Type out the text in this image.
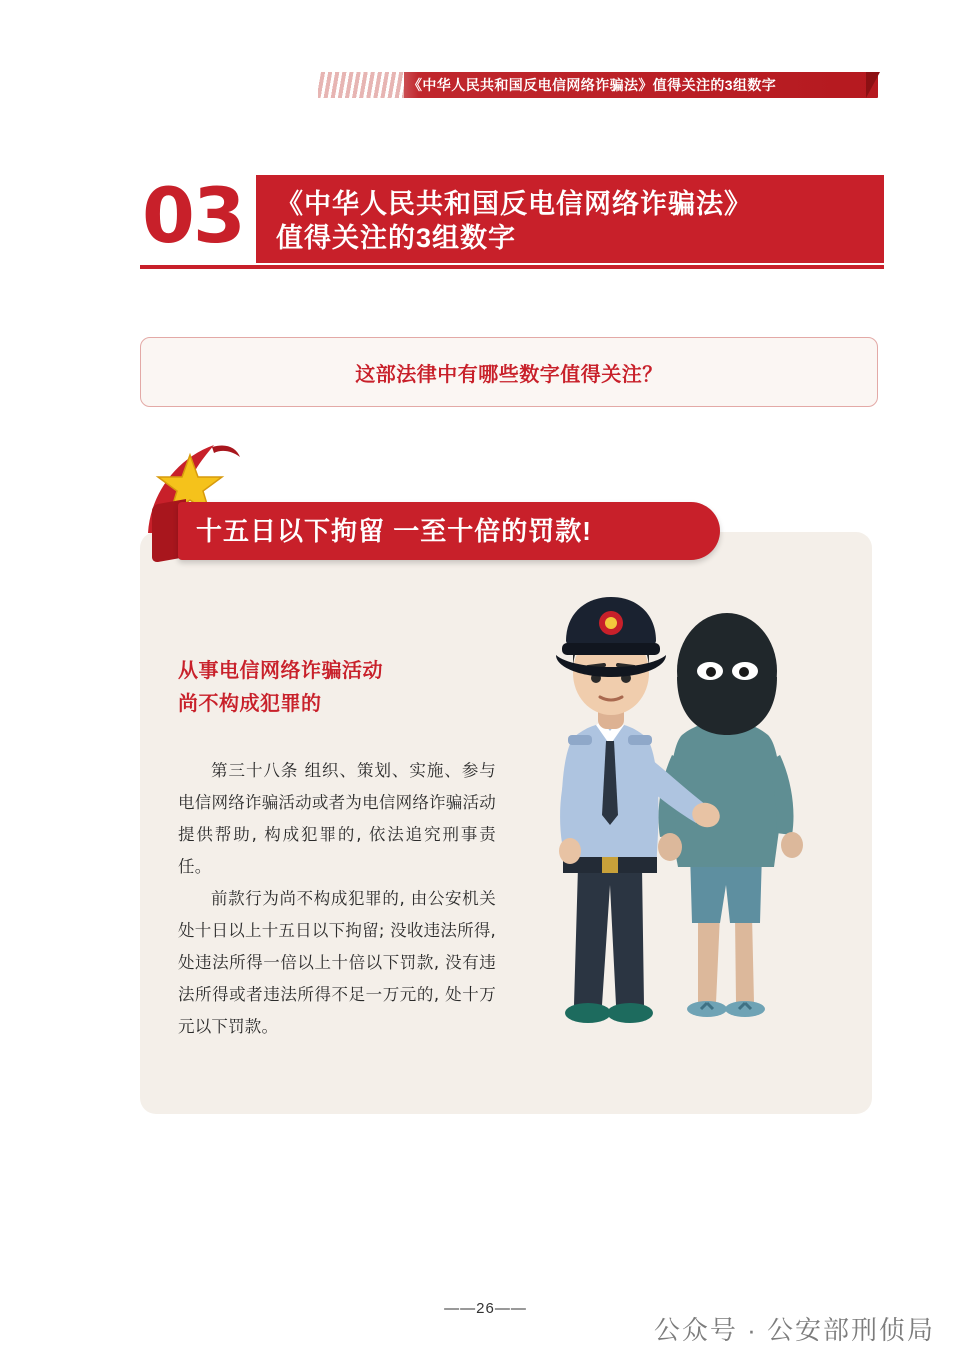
《中华人民共和国反电信网络诈骗法》值得关注的3组数字
《中华人民共和国反电信网络诈骗法》
值得关注的3组数字
03
这部法律中有哪些数字值得关注？
十五日以下拘留 一至十倍的罚款!
从事电信网络诈骗活动
尚不构成犯罪的

第三十八条 组织、策划、实施、参与电信网络诈骗活动或者为电信网络诈骗活动提供帮助, 构成犯罪的, 依法追究刑事责任。

前款行为尚不构成犯罪的, 由公安机关处十日以上十五日以下拘留; 没收违法所得, 处违法所得一倍以上十倍以下罚款, 没有违法所得或者违法所得不足一万元的, 处十万元以下罚款。

——26——
公众号 · 公安部刑侦局
